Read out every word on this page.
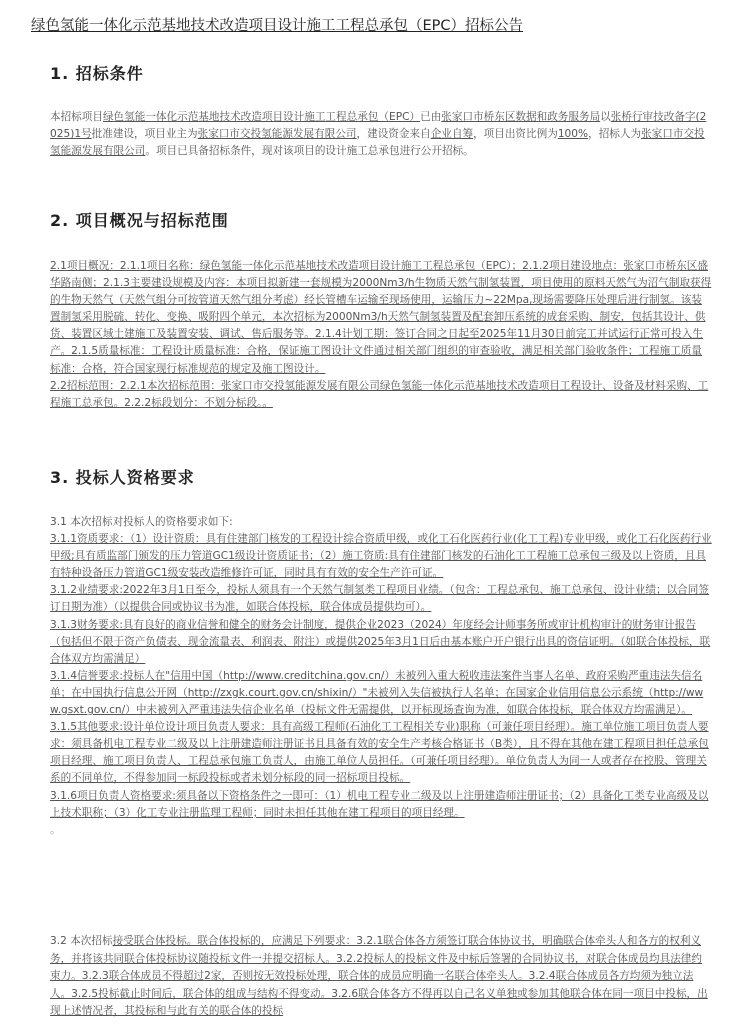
绿色氢能一体化示范基地技术改造项目设计施工工程总承包（EPC）招标公告
1. 招标条件

本招标项目绿色氢能一体化示范基地技术改造项目设计施工工程总承包（EPC）已由张家口市桥东区数据和政务服务局以张桥行审技改备字(2025)1号批准建设，项目业主为张家口市交投氢能源发展有限公司，建设资金来自企业自筹，项目出资比例为100%，招标人为张家口市交投氢能源发展有限公司。项目已具备招标条件，现对该项目的设计施工总承包进行公开招标。

2. 项目概况与招标范围
2.1项目概况：2.1.1项目名称：绿色氢能一体化示范基地技术改造项目设计施工工程总承包（EPC）；2.1.2项目建设地点：张家口市桥东区盛华路南侧；2.1.3主要建设规模及内容：本项目拟新建一套规模为2000Nm3/h生物质天然气制氢装置，项目使用的原料天然气为沼气制取获得的生物天然气（天然气组分可按管道天然气组分考虑）经长管槽车运输至现场使用，运输压力~22Mpa,现场需要降压处理后进行制氢。该装置制氢采用脱硫、转化、变换、吸附四个单元，本次招标为2000Nm3/h天然气制氢装置及配套卸压系统的成套采购、制安，包括其设计、供货、装置区域土建施工及装置安装、调试、售后服务等。2.1.4计划工期：签订合同之日起至2025年11月30日前完工并试运行正常可投入生产。2.1.5质量标准：工程设计质量标准：合格，保证施工图设计文件通过相关部门组织的审查验收，满足相关部门验收条件；工程施工质量标准：合格，符合国家现行标准规范的规定及施工图设计。
2.2招标范围：2.2.1本次招标范围：张家口市交投氢能源发展有限公司绿色氢能一体化示范基地技术改造项目工程设计、设备及材料采购、工程施工总承包。2.2.2标段划分：不划分标段。。
3. 投标人资格要求
3.1 本次招标对投标人的资格要求如下:
3.1.1资质要求：（1）设计资质：具有住建部门核发的工程设计综合资质甲级，或化工石化医药行业(化工工程)专业甲级，或化工石化医药行业甲级;具有质监部门颁发的压力管道GC1级设计资质证书；（2）施工资质:具有住建部门核发的石油化工工程施工总承包三级及以上资质，且具有特种设备压力管道GC1级安装改造维修许可证，同时具有有效的安全生产许可证。
3.1.2业绩要求:2022年3月1日至今，投标人须具有一个天然气制氢类工程项目业绩。（包含：工程总承包、施工总承包、设计业绩；以合同签订日期为准）（以提供合同或协议书为准，如联合体投标，联合体成员提供均可）。
3.1.3财务要求:具有良好的商业信誉和健全的财务会计制度，提供企业2023（2024）年度经会计师事务所或审计机构审计的财务审计报告（包括但不限于资产负债表、现金流量表、利润表、附注）或提供2025年3月1日后由基本账户开户银行出具的资信证明。（如联合体投标，联合体双方均需满足）
3.1.4信誉要求:投标人在"信用中国（http://www.creditchina.gov.cn/）未被列入重大税收违法案件当事人名单、政府采购严重违法失信名单；在中国执行信息公开网（http://zxgk.court.gov.cn/shixin/）"未被列入失信被执行人名单；在国家企业信用信息公示系统（http://www.gsxt.gov.cn/）中未被列入严重违法失信企业名单（投标文件无需提供，以开标现场查询为准，如联合体投标，联合体双方均需满足）。
3.1.5其他要求:设计单位设计项目负责人要求：具有高级工程师(石油化工工程相关专业)职称（可兼任项目经理）。施工单位施工项目负责人要求：须具备机电工程专业二级及以上注册建造师注册证书且具备有效的安全生产考核合格证书（B类），且不得在其他在建工程项目担任总承包项目经理、施工项目负责人、工程总承包施工负责人，由施工单位人员担任。（可兼任项目经理）。单位负责人为同一人或者存在控股、管理关系的不同单位，不得参加同一标段投标或者未划分标段的同一招标项目投标。
3.1.6项目负责人资格要求:须具备以下资格条件之一即可：（1）机电工程专业二级及以上注册建造师注册证书；（2）具备化工类专业高级及以上技术职称；（3）化工专业注册监理工程师；同时未担任其他在建工程项目的项目经理。
。

3.2 本次招标接受联合体投标。联合体投标的，应满足下列要求：3.2.1联合体各方须签订联合体协议书，明确联合体牵头人和各方的权利义务，并将该共同联合体投标协议随投标文件一并提交招标人。3.2.2投标人的投标文件及中标后签署的合同协议书，对联合体成员均具法律约束力。3.2.3联合体成员不得超过2家，否则按无效投标处理，联合体的成员应明确一名联合体牵头人。3.2.4联合体成员各方均须为独立法人。3.2.5投标截止时间后，联合体的组成与结构不得变动。3.2.6联合体各方不得再以自己名义单独或参加其他联合体在同一项目中投标，出现上述情况者，其投标和与此有关的联合体的投标
